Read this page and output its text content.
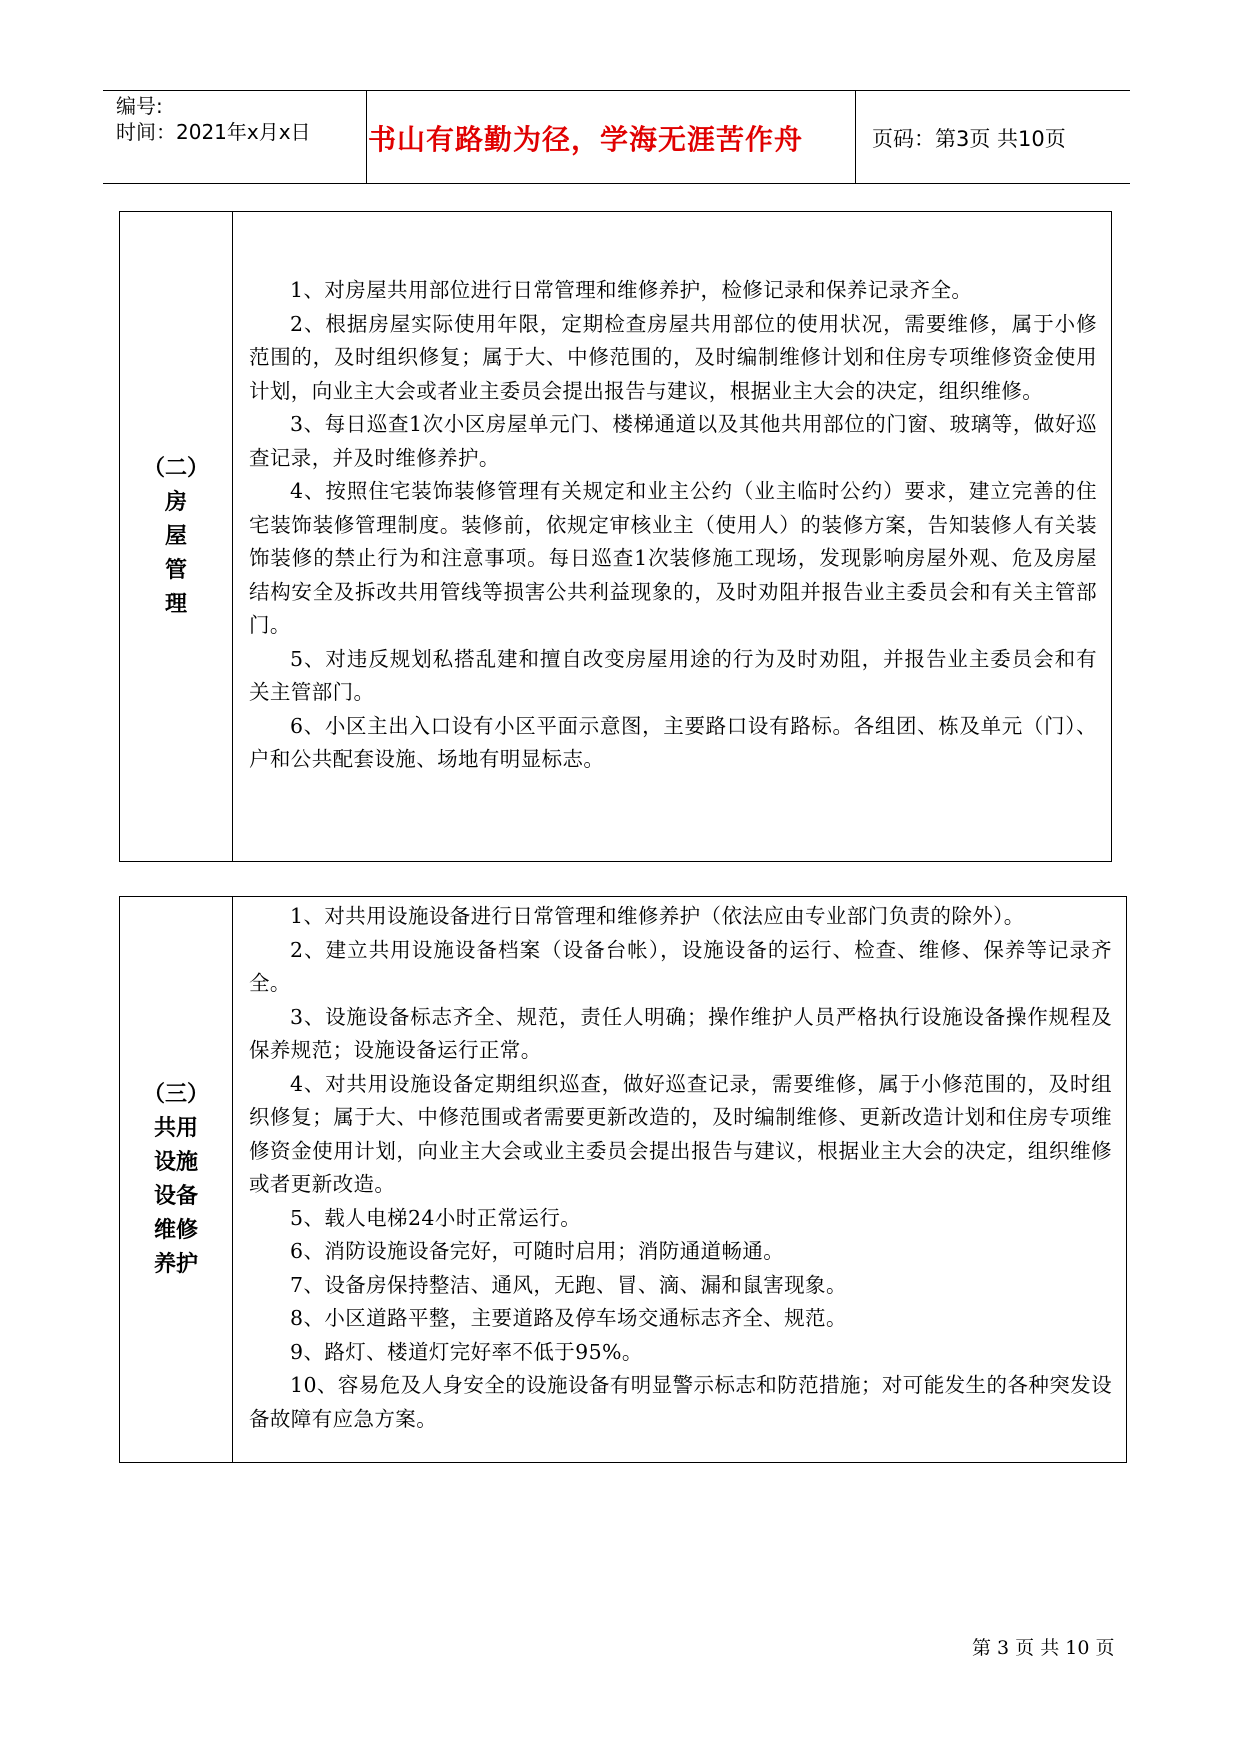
编号:
时间：2021年x月x日 书山有路勤为径，学海无涯苦作舟	页码：第3页 共10页
（二）
房
屋
管
理

1、对房屋共用部位进行日常管理和维修养护，检修记录和保养记录齐全。

2、根据房屋实际使用年限，定期检查房屋共用部位的使用状况，需要维修，属于小修范围的，及时组织修复；属于大、中修范围的，及时编制维修计划和住房专项维修资金使用计划，向业主大会或者业主委员会提出报告与建议，根据业主大会的决定，组织维修。

3、每日巡查1次小区房屋单元门、楼梯通道以及其他共用部位的门窗、玻璃等，做好巡查记录，并及时维修养护。

4、按照住宅装饰装修管理有关规定和业主公约（业主临时公约）要求，建立完善的住宅装饰装修管理制度。装修前，依规定审核业主（使用人）的装修方案，告知装修人有关装饰装修的禁止行为和注意事项。每日巡查1次装修施工现场，发现影响房屋外观、危及房屋结构安全及拆改共用管线等损害公共利益现象的，及时劝阻并报告业主委员会和有关主管部门。

5、对违反规划私搭乱建和擅自改变房屋用途的行为及时劝阻，并报告业主委员会和有关主管部门。

6、小区主出入口设有小区平面示意图，主要路口设有路标。各组团、栋及单元（门）、户和公共配套设施、场地有明显标志。

（三）
共用
设施
设备
维修
养护

1、对共用设施设备进行日常管理和维修养护（依法应由专业部门负责的除外）。

2、建立共用设施设备档案（设备台帐），设施设备的运行、检查、维修、保养等记录齐全。

3、设施设备标志齐全、规范，责任人明确；操作维护人员严格执行设施设备操作规程及保养规范；设施设备运行正常。

4、对共用设施设备定期组织巡查，做好巡查记录，需要维修，属于小修范围的，及时组织修复；属于大、中修范围或者需要更新改造的，及时编制维修、更新改造计划和住房专项维修资金使用计划，向业主大会或业主委员会提出报告与建议，根据业主大会的决定，组织维修或者更新改造。

5、载人电梯24小时正常运行。

6、消防设施设备完好，可随时启用；消防通道畅通。

7、设备房保持整洁、通风，无跑、冒、滴、漏和鼠害现象。

8、小区道路平整，主要道路及停车场交通标志齐全、规范。

9、路灯、楼道灯完好率不低于95%。

10、容易危及人身安全的设施设备有明显警示标志和防范措施；对可能发生的各种突发设备故障有应急方案。

第 3 页 共 10 页
